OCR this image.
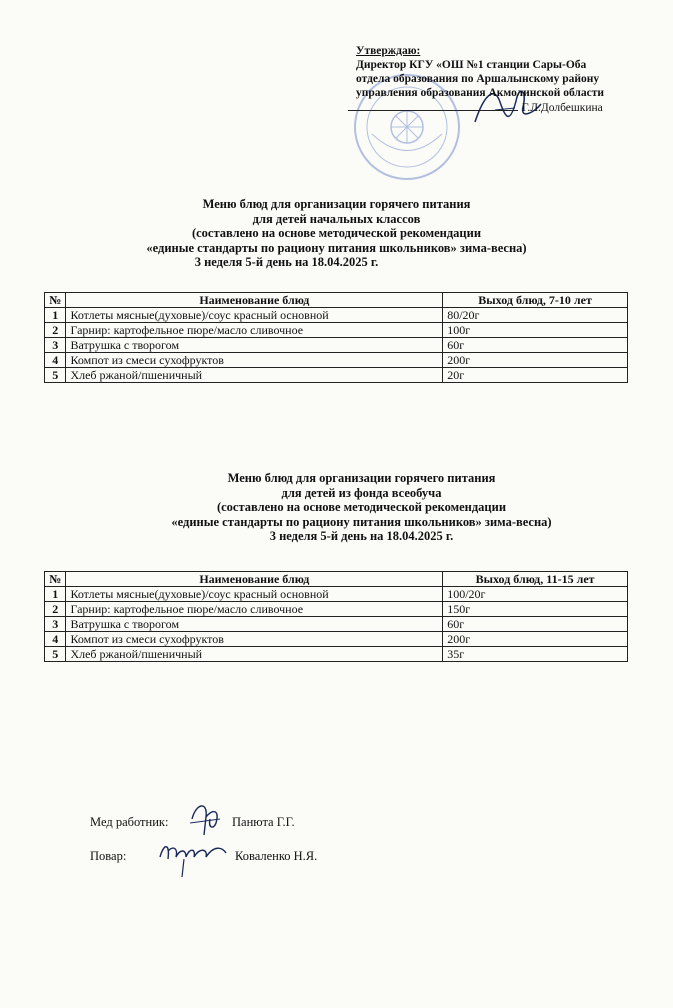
Утверждаю:
Директор КГУ «ОШ №1 станции Сары-Оба
отдела образования по Аршалынскому району
управления образования Акмолинской области
Г.Л.Долбешкина
Меню блюд для организации горячего питания
для детей начальных классов
(составлено на основе методической рекомендации
«единые стандарты по рациону питания школьников» зима-весна)
3 неделя 5-й день на 18.04.2025 г.
№	Наименование блюд	Выход блюд, 7-10 лет
1	Котлеты мясные(духовые)/соус красный основной	80/20г
2	Гарнир: картофельное пюре/масло сливочное	100г
3	Ватрушка с творогом	60г
4	Компот из смеси сухофруктов	200г
5	Хлеб ржаной/пшеничный	20г
Меню блюд для организации горячего питания
для детей из фонда всеобуча
(составлено на основе методической рекомендации
«единые стандарты по рациону питания школьников» зима-весна)
3 неделя 5-й день на 18.04.2025 г.
№	Наименование блюд	Выход блюд, 11-15 лет
1	Котлеты мясные(духовые)/соус красный основной	100/20г
2	Гарнир: картофельное пюре/масло сливочное	150г
3	Ватрушка с творогом	60г
4	Компот из смеси сухофруктов	200г
5	Хлеб ржаной/пшеничный	35г
Мед работник:	Панюта Г.Г.
Повар:	Коваленко Н.Я.
